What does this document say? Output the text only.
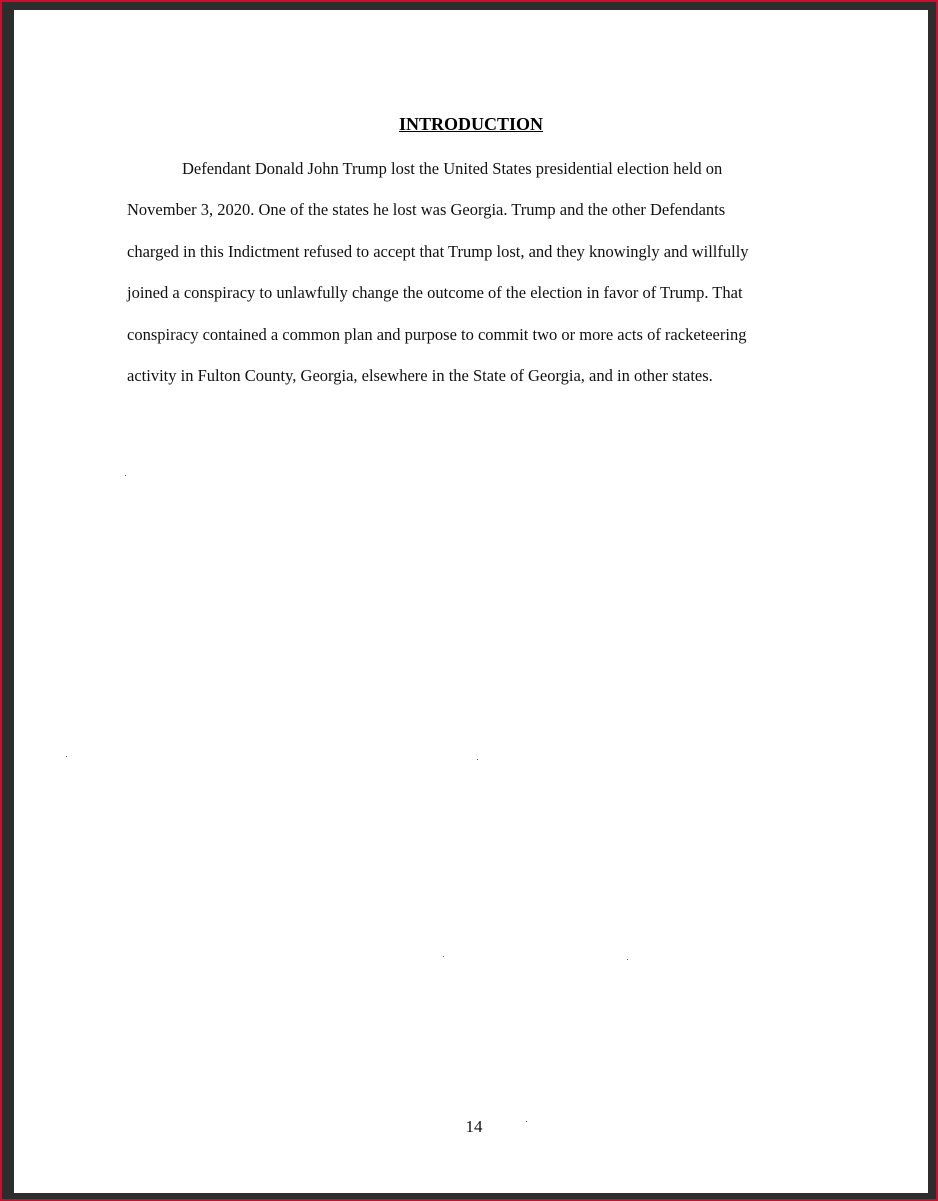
INTRODUCTION

Defendant Donald John Trump lost the United States presidential election held on
November 3, 2020. One of the states he lost was Georgia. Trump and the other Defendants
charged in this Indictment refused to accept that Trump lost, and they knowingly and willfully
joined a conspiracy to unlawfully change the outcome of the election in favor of Trump. That
conspiracy contained a common plan and purpose to commit two or more acts of racketeering
activity in Fulton County, Georgia, elsewhere in the State of Georgia, and in other states.

14
